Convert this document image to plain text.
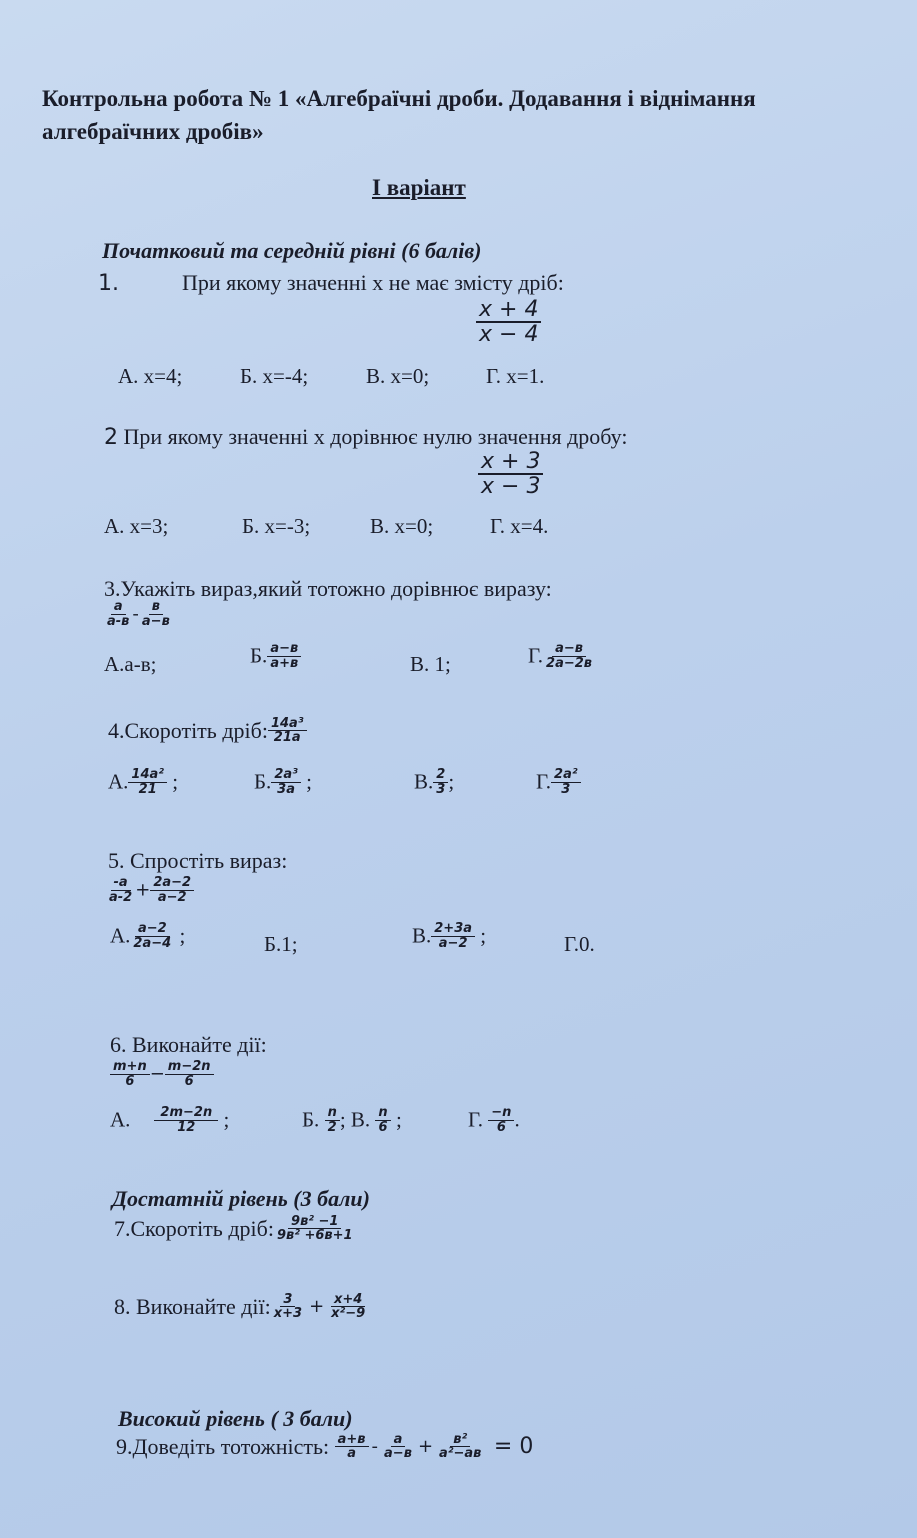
Контрольна робота № 1 «Алгебраїчні дроби. Додавання і віднімання
алгебраїчних дробів»
І варіант
Початковий та середній рівні (6 балів)
1.	При якому значенні х не має змісту дріб:
$\frac{x + 4}{x - 4}$
А. х=4;	Б. х=-4;	В. х=0;	Г. х=1.
2 При якому значенні х дорівнює нулю значення дробу:
$\frac{x + 3}{x - 3}$
А. х=3;	Б. х=-3;	В. х=0;	Г. х=4.
3.Укажіть вираз,який тотожно дорівнює виразу:
$\frac{a}{a-в} - \frac{в}{a-в}$
А.а-в;	Б. $\frac{a-в}{a+в}$	В. 1;	Г. $\frac{a-в}{2a-2в}$
4.Скоротіть дріб: $\frac{\text{14a³}}{21a}$
А. $\frac{\text{14a²}}{21}$ ;	Б. $\frac{\text{2a³}}{3a}$ ;	В. $\frac{2}{3}$ ;	Г. $\frac{\text{2a²}}{3}$
5. Спростіть вираз:
$\frac{-a}{a-2} + \frac{2a-2}{a-2}$
А. $\frac{a-2}{2a-4}$ ;	Б.1;	В. $\frac{2+3a}{a-2}$ ;	Г.0.
6. Виконайте дії:
$\frac{m+n}{6} - \frac{m-2n}{6}$
А. $\frac{2m-2n}{12}$ ;	Б. $\frac{n}{2}$ ; В. $\frac{n}{6}$ ;	Г. $\frac{-n}{6}$ .
Достатній рівень (3 бали)
7.Скоротіть дріб: $\frac{\text{9в² −1}}{\text{9в² +6в+1}}$
8. Виконайте дії: $\frac{3}{x+3} + \frac{x+4}{\text{x²−9}}$
Високий рівень ( 3 бали)
9.Доведіть тотожність: $\frac{a+в}{a} - \frac{a}{a-в} + \frac{\text{в²}}{\text{a²−aв}} = 0$
